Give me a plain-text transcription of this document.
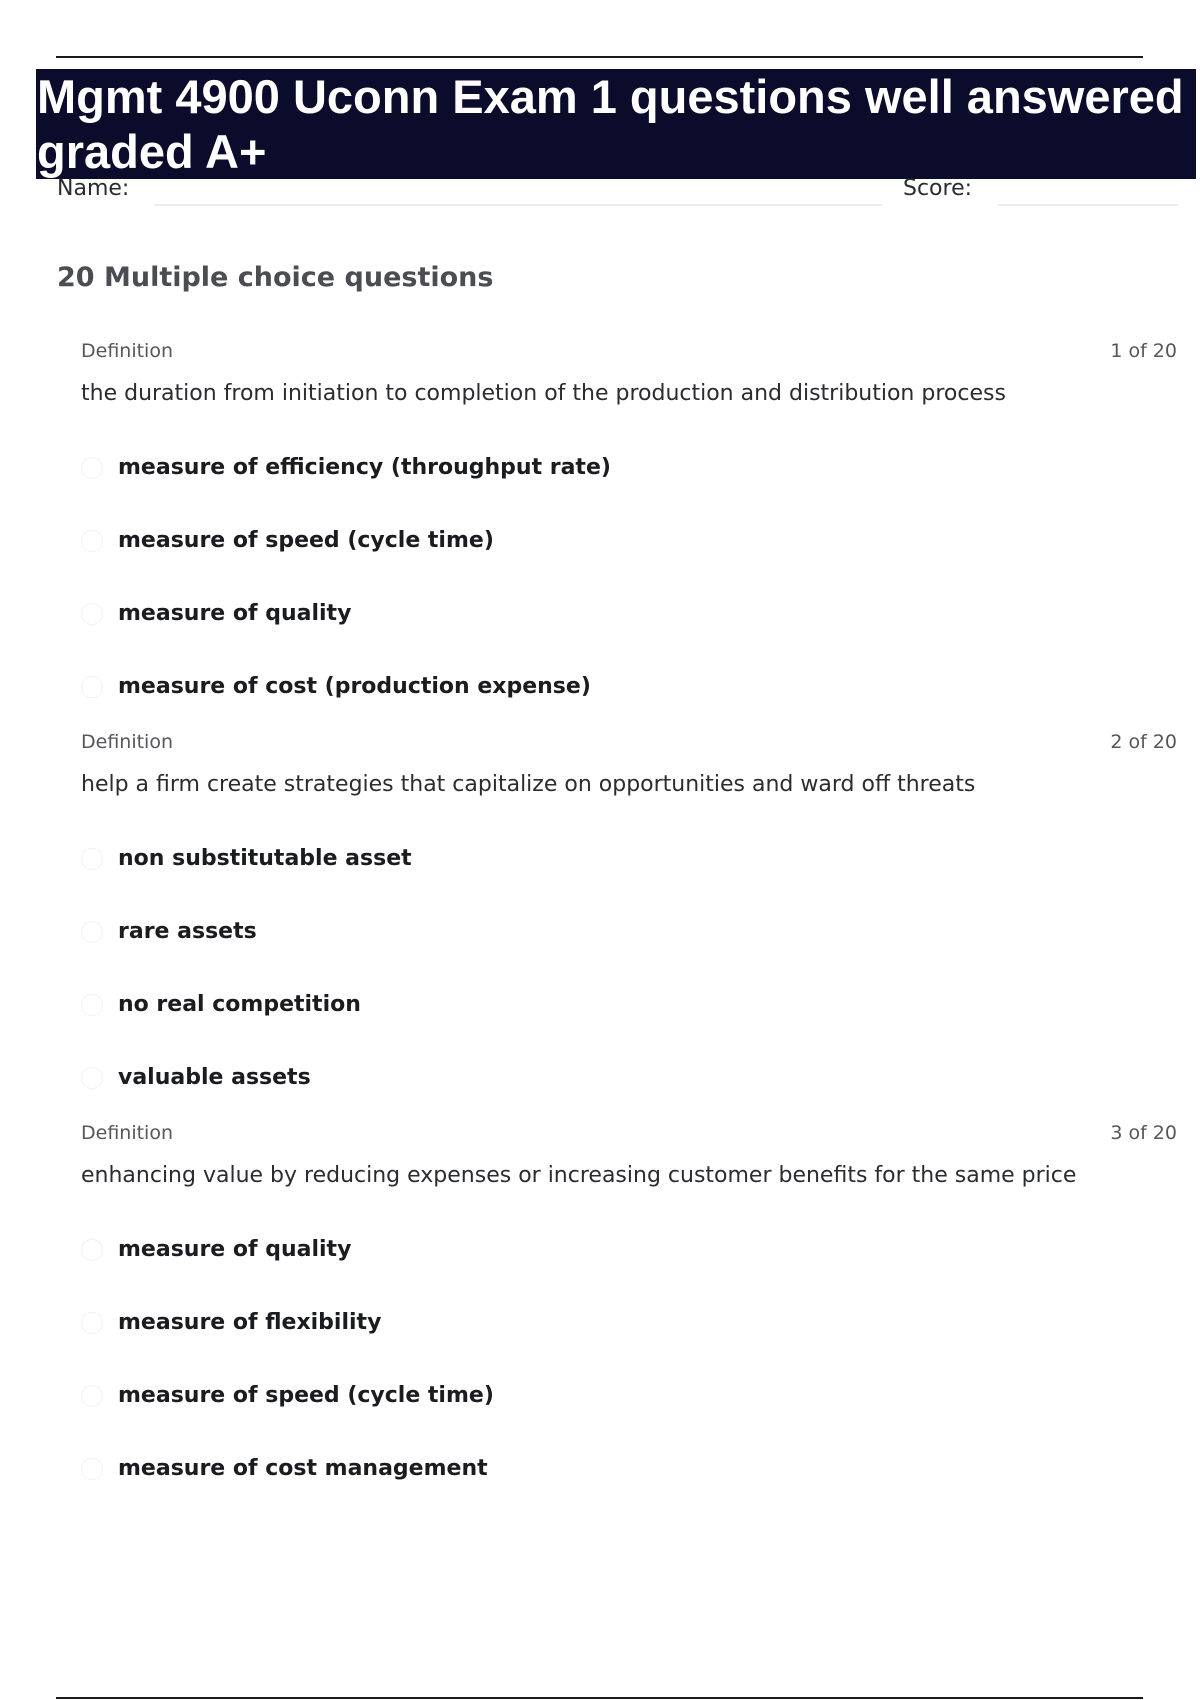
Mgmt 4900 Uconn Exam 1 questions well answered graded A+
Name:	Score:
20 Multiple choice questions
Definition	1 of 20

the duration from initiation to completion of the production and distribution process

measure of efficiency (throughput rate)
measure of speed (cycle time)
measure of quality
measure of cost (production expense)
Definition	2 of 20

help a firm create strategies that capitalize on opportunities and ward off threats

non substitutable asset
rare assets
no real competition
valuable assets
Definition	3 of 20

enhancing value by reducing expenses or increasing customer benefits for the same price

measure of quality
measure of flexibility
measure of speed (cycle time)
measure of cost management
